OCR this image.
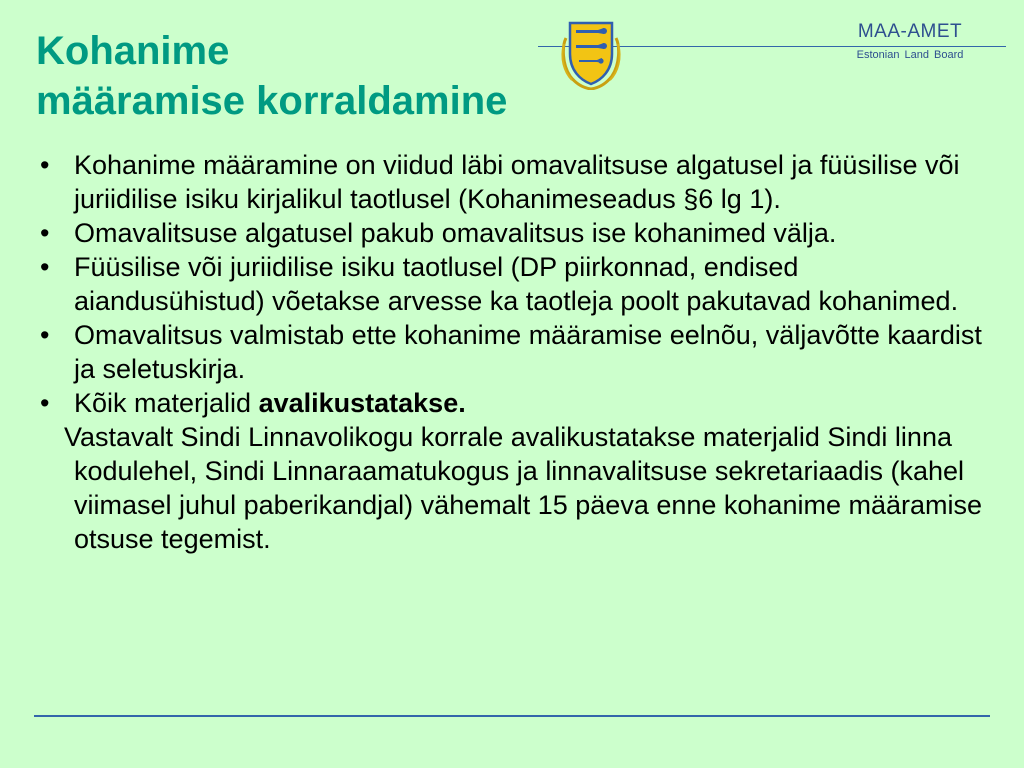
Kohanime
määramise korraldamine
MAA-AMET
Estonian Land Board
• Kohanime määramine on viidud läbi omavalitsuse algatusel ja füüsilise või juriidilise isiku kirjalikul taotlusel (Kohanimeseadus §6 lg 1).
• Omavalitsuse algatusel pakub omavalitsus ise kohanimed välja.
• Füüsilise või juriidilise isiku taotlusel (DP piirkonnad, endised aiandusühistud) võetakse arvesse ka taotleja poolt pakutavad kohanimed.
• Omavalitsus valmistab ette kohanime määramise eelnõu, väljavõtte kaardist ja seletuskirja.
• Kõik materjalid avalikustatakse.
Vastavalt Sindi Linnavolikogu korrale avalikustatakse materjalid Sindi linna kodulehel, Sindi Linnaraamatukogus ja linnavalitsuse sekretariaadis (kahel viimasel juhul paberikandjal) vähemalt 15 päeva enne kohanime määramise otsuse tegemist.
